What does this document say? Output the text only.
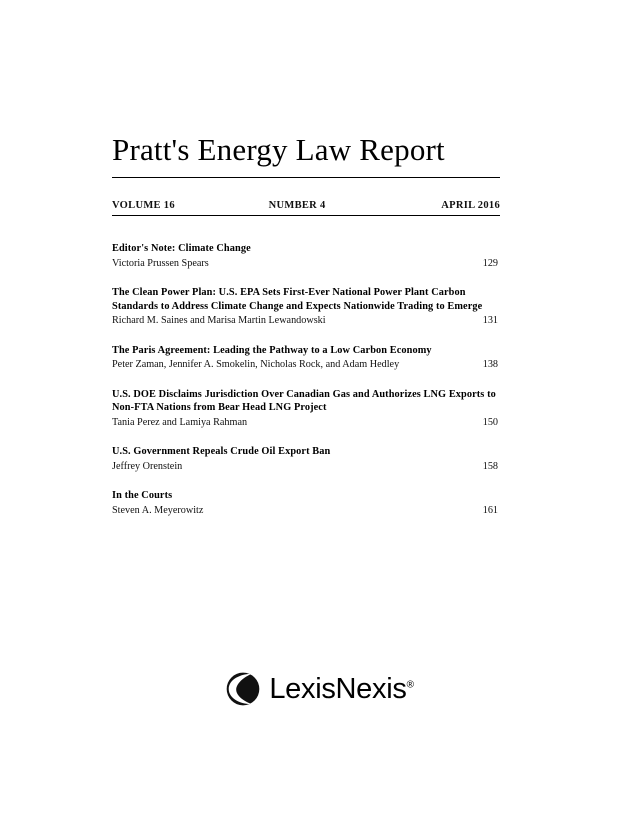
Pratt's Energy Law Report
VOLUME 16	NUMBER 4	APRIL 2016
Editor's Note: Climate Change
Victoria Prussen Spears	129
The Clean Power Plan: U.S. EPA Sets First-Ever National Power Plant Carbon Standards to Address Climate Change and Expects Nationwide Trading to Emerge
Richard M. Saines and Marisa Martin Lewandowski	131
The Paris Agreement: Leading the Pathway to a Low Carbon Economy
Peter Zaman, Jennifer A. Smokelin, Nicholas Rock, and Adam Hedley	138
U.S. DOE Disclaims Jurisdiction Over Canadian Gas and Authorizes LNG Exports to Non-FTA Nations from Bear Head LNG Project
Tania Perez and Lamiya Rahman	150
U.S. Government Repeals Crude Oil Export Ban
Jeffrey Orenstein	158
In the Courts
Steven A. Meyerowitz	161
LexisNexis®
